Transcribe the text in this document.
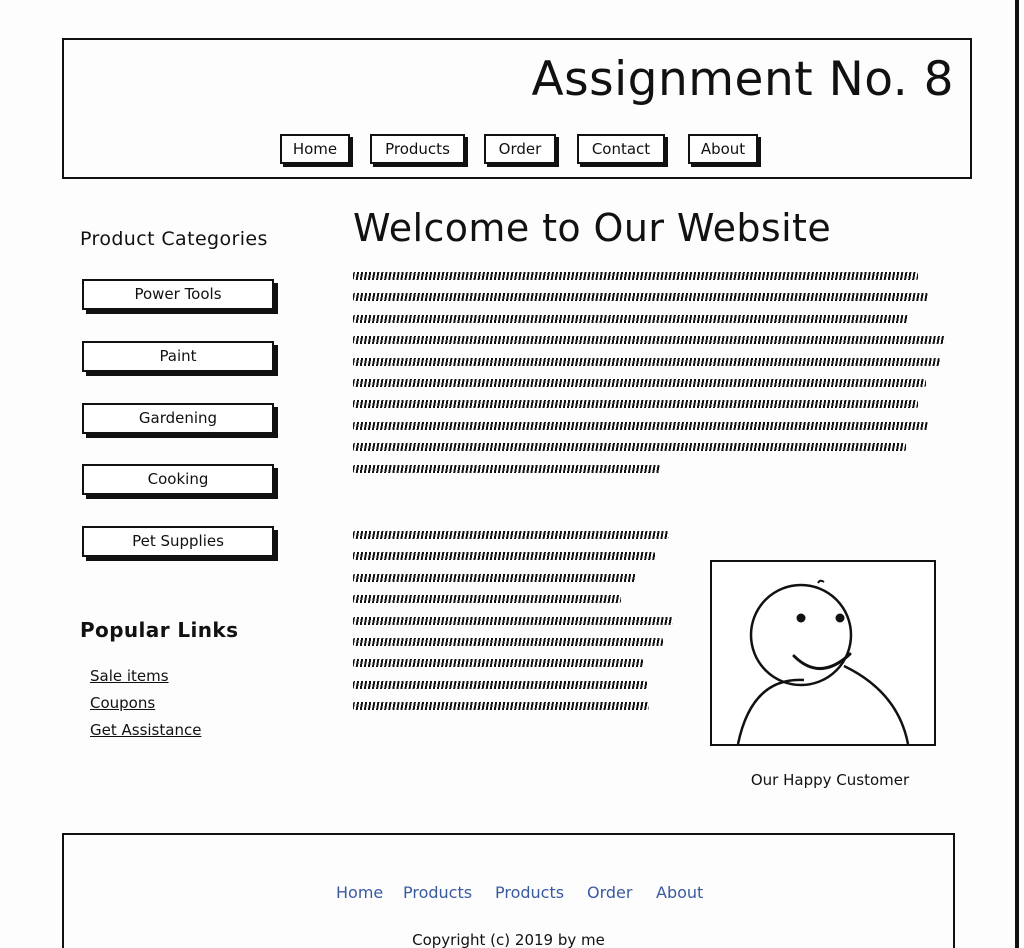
Assignment No. 8
Home	Products	Order	Contact	About
Product Categories
Power Tools
Paint
Gardening
Cooking
Pet Supplies
Popular Links
Sale items
Coupons
Get Assistance
Welcome to Our Website
Our Happy Customer
Home Products Products Order About
Copyright (c) 2019 by me
